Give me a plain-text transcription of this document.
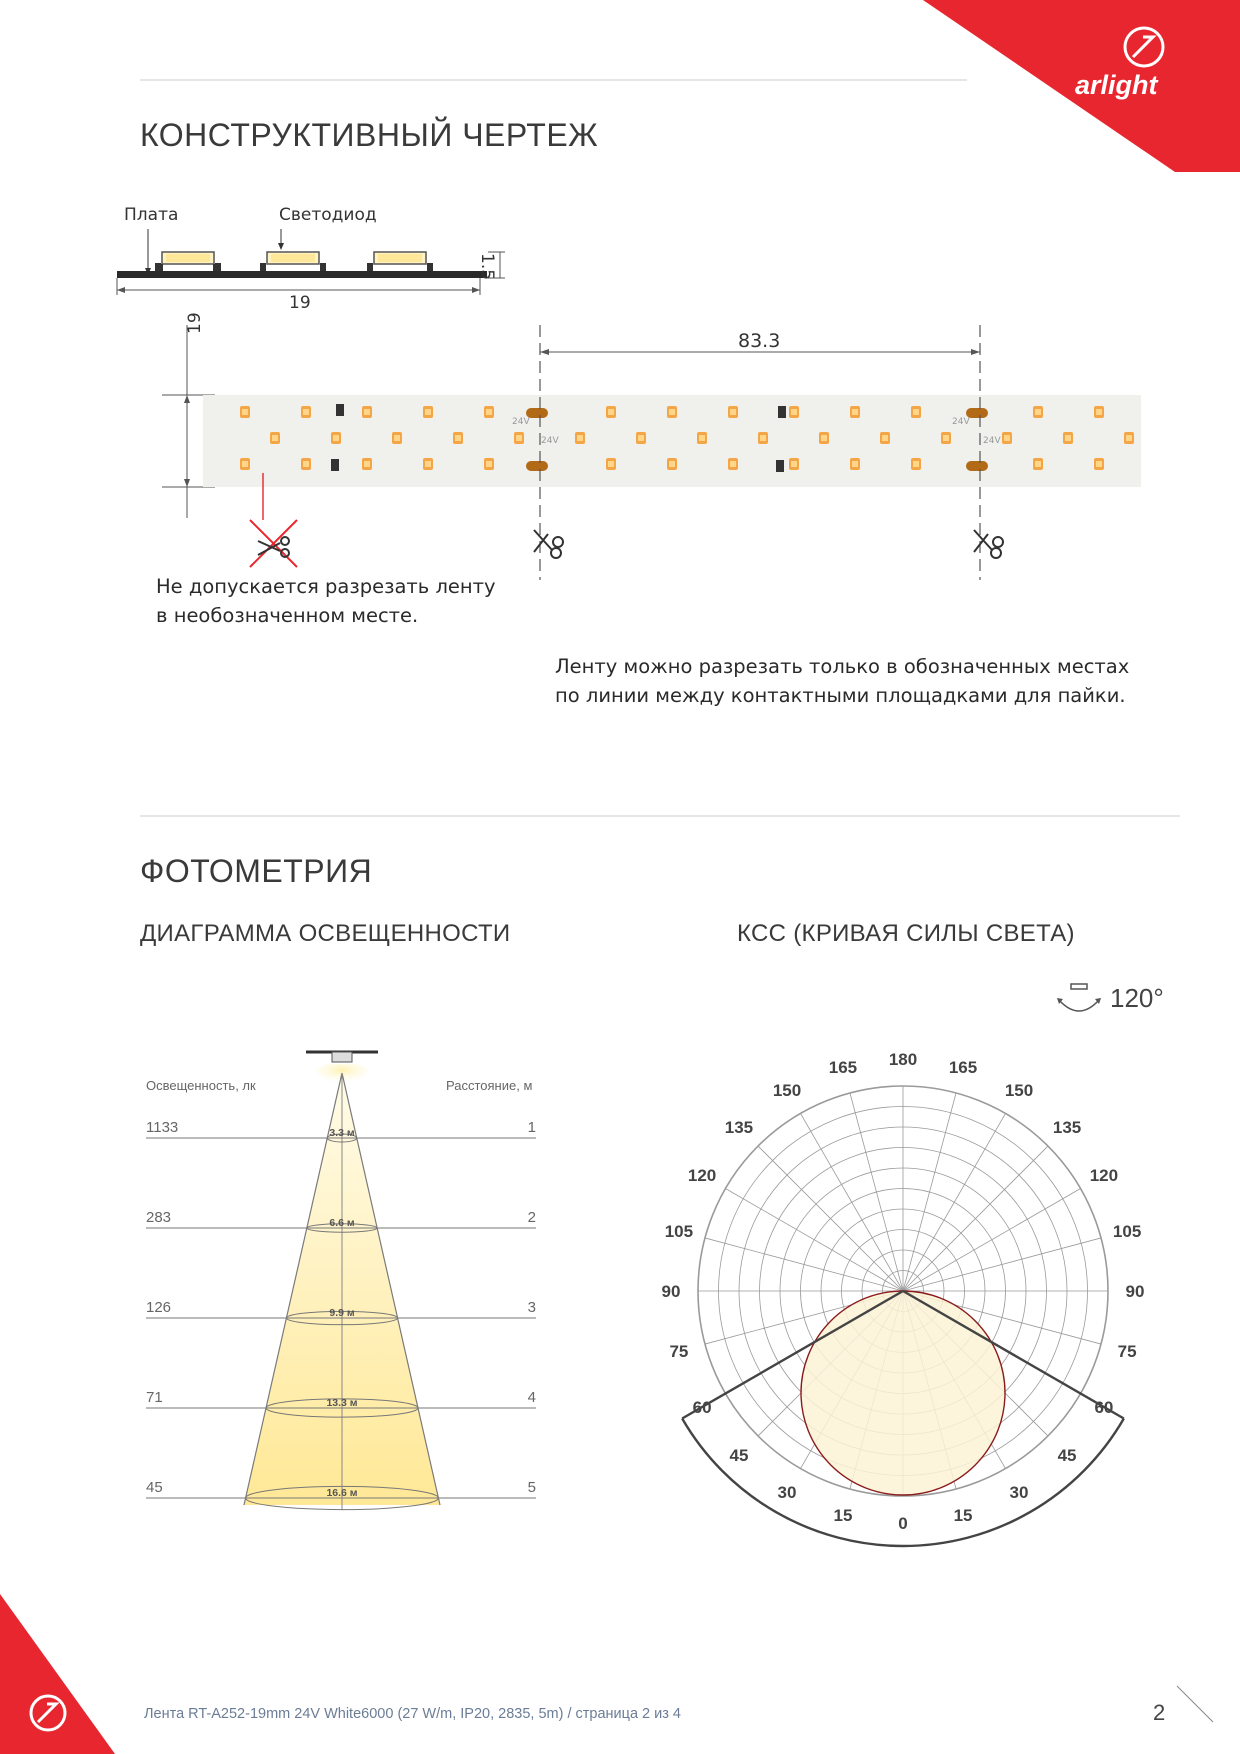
arlight
КОНСТРУКТИВНЫЙ ЧЕРТЕЖ
Плата	Светодиод
19
1.5
24V
24V
24V
24V
19
83.3
Не допускается разрезать ленту
в необозначенном месте.
Ленту можно разрезать только в обозначенных местах
по линии между контактными площадками для пайки.
ФОТОМЕТРИЯ
ДИАГРАММА ОСВЕЩЕННОСТИ	КСС (КРИВАЯ СИЛЫ СВЕТА)
120°
Освещенность, лк	Расстояние, м
1133	1
3.3 м
283	2
6.6 м
126	3
9.9 м
71	4
13.3 м
45	5
16.6 м
180
165
150
135
120
105
90
75
60
45
30
15	0
165
150
135
120
105
90
75
60
45
30
15
Лента RT-A252-19mm 24V White6000 (27 W/m, IP20, 2835, 5m) / страница 2 из 4	2
